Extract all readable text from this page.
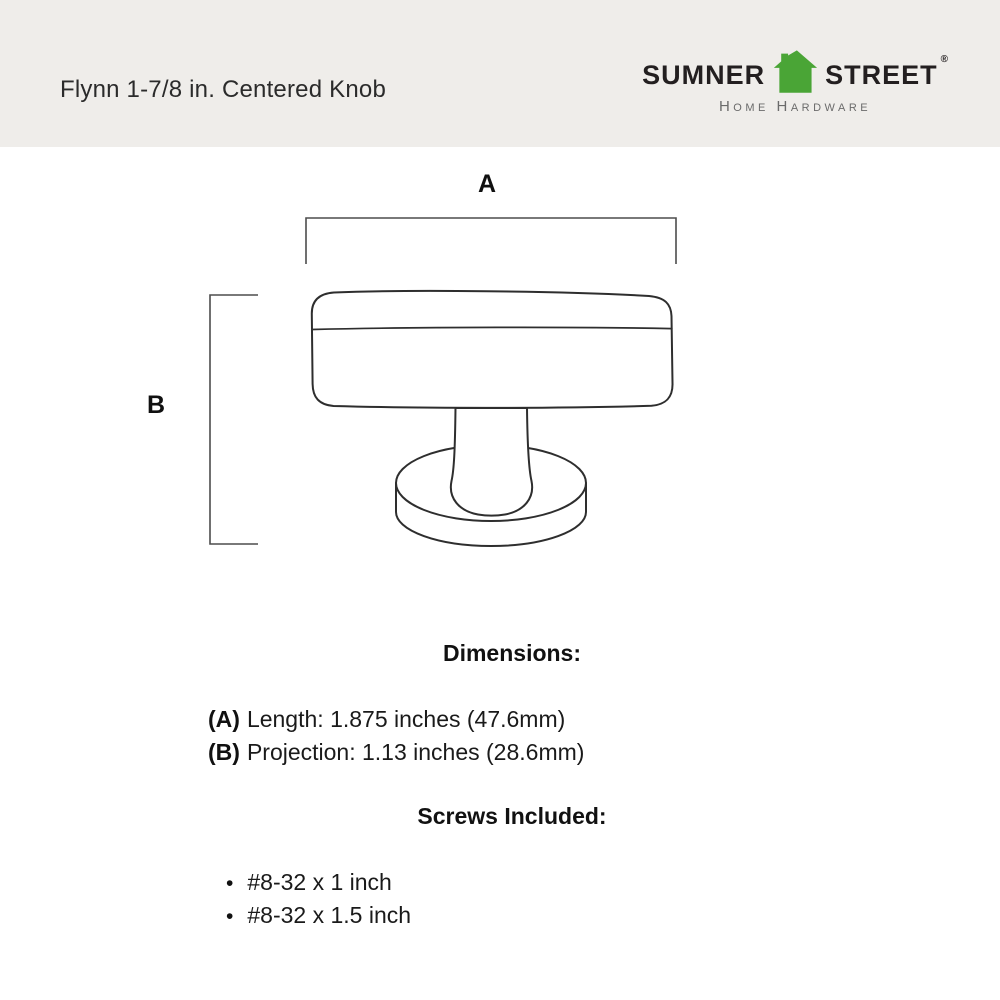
Flynn 1-7/8 in. Centered Knob	SUMNER STREET
®
Home Hardware
A
B
Dimensions:
(A) Length: 1.875 inches (47.6mm)
(B) Projection: 1.13 inches (28.6mm)
Screws Included:
• #8-32 x 1 inch
• #8-32 x 1.5 inch
